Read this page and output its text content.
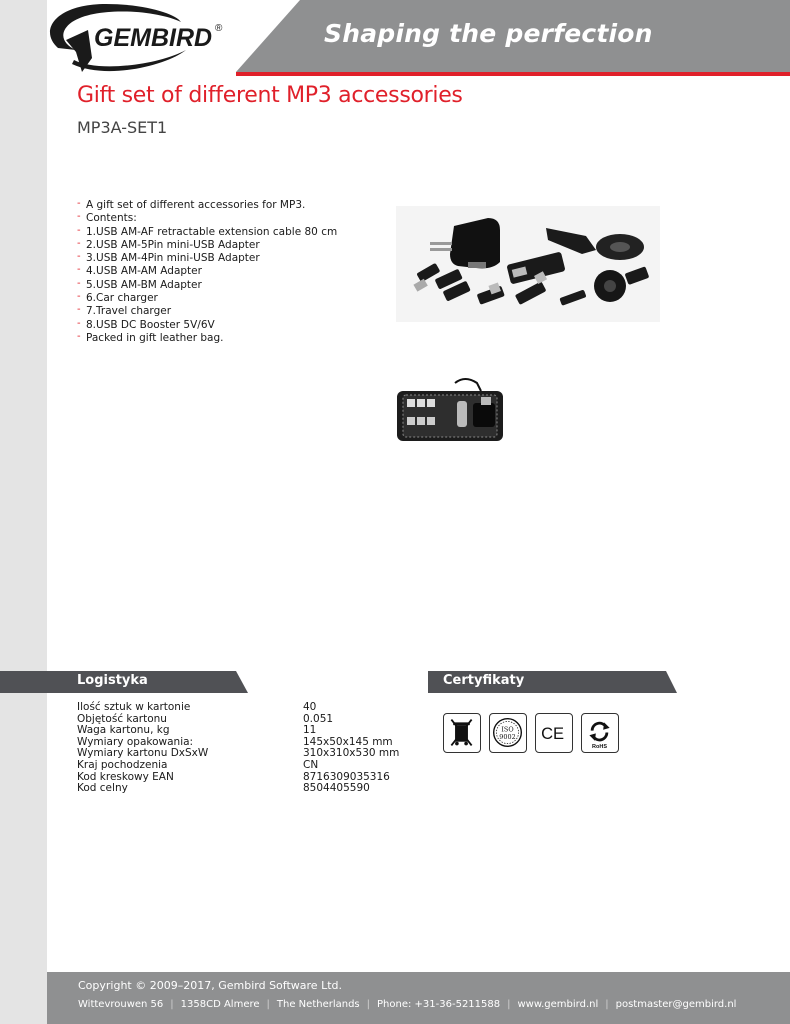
GEMBIRD ®	Shaping the perfection
Gift set of different MP3 accessories
MP3A-SET1
- A gift set of different accessories for MP3.
- Contents:
- 1.USB AM-AF retractable extension cable 80 cm
- 2.USB AM-5Pin mini-USB Adapter
- 3.USB AM-4Pin mini-USB Adapter
- 4.USB AM-AM Adapter
- 5.USB AM-BM Adapter
- 6.Car charger
- 7.Travel charger
- 8.USB DC Booster 5V/6V
- Packed in gift leather bag.
Logistyka	Certyfikaty
Ilość sztuk w kartonie	40
Objętość kartonu	0.051
Waga kartonu, kg	11
Wymiary opakowania:	145x50x145 mm
Wymiary kartonu DxSxW	310x310x530 mm
Kraj pochodzenia	CN
Kod kreskowy EAN	8716309035316
Kod celny	8504405590
ISO
9002 CE
RoHS
Copyright © 2009–2017, Gembird Software Ltd.
Wittevrouwen 56 | 1358CD Almere | The Netherlands | Phone: +31-36-5211588 | www.gembird.nl | postmaster@gembird.nl
